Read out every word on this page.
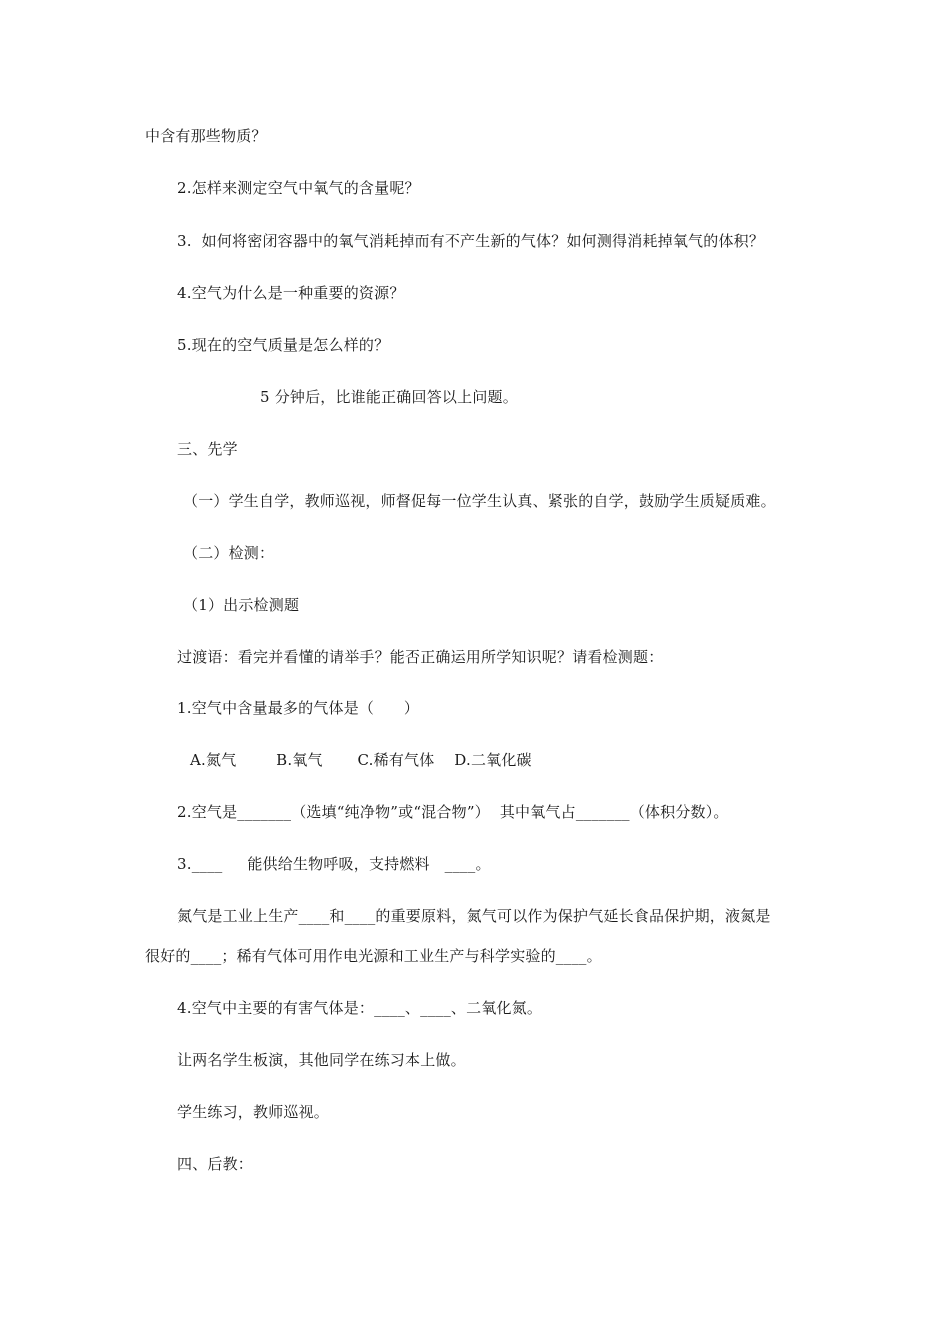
中含有那些物质？
2.怎样来测定空气中氧气的含量呢？
3.  如何将密闭容器中的氧气消耗掉而有不产生新的气体？如何测得消耗掉氧气的体积？
4.空气为什么是一种重要的资源？
5.现在的空气质量是怎么样的？
5 分钟后，比谁能正确回答以上问题。
三、先学
（一）学生自学，教师巡视，师督促每一位学生认真、紧张的自学，鼓励学生质疑质难。
（二）检测：
（1）出示检测题
过渡语：看完并看懂的请举手？能否正确运用所学知识呢？请看检测题：
1.空气中含量最多的气体是（      ）
A.氮气        B.氧气       C.稀有气体    D.二氧化碳
2.空气是_______（选填“纯净物”或“混合物”）  其中氧气占_______（体积分数）。
3.____     能供给生物呼吸，支持燃料   ____。
氮气是工业上生产____和____的重要原料，氮气可以作为保护气延长食品保护期，液氮是
很好的____；稀有气体可用作电光源和工业生产与科学实验的____。
4.空气中主要的有害气体是：____、____、二氧化氮。
让两名学生板演，其他同学在练习本上做。
学生练习，教师巡视。
四、后教：
